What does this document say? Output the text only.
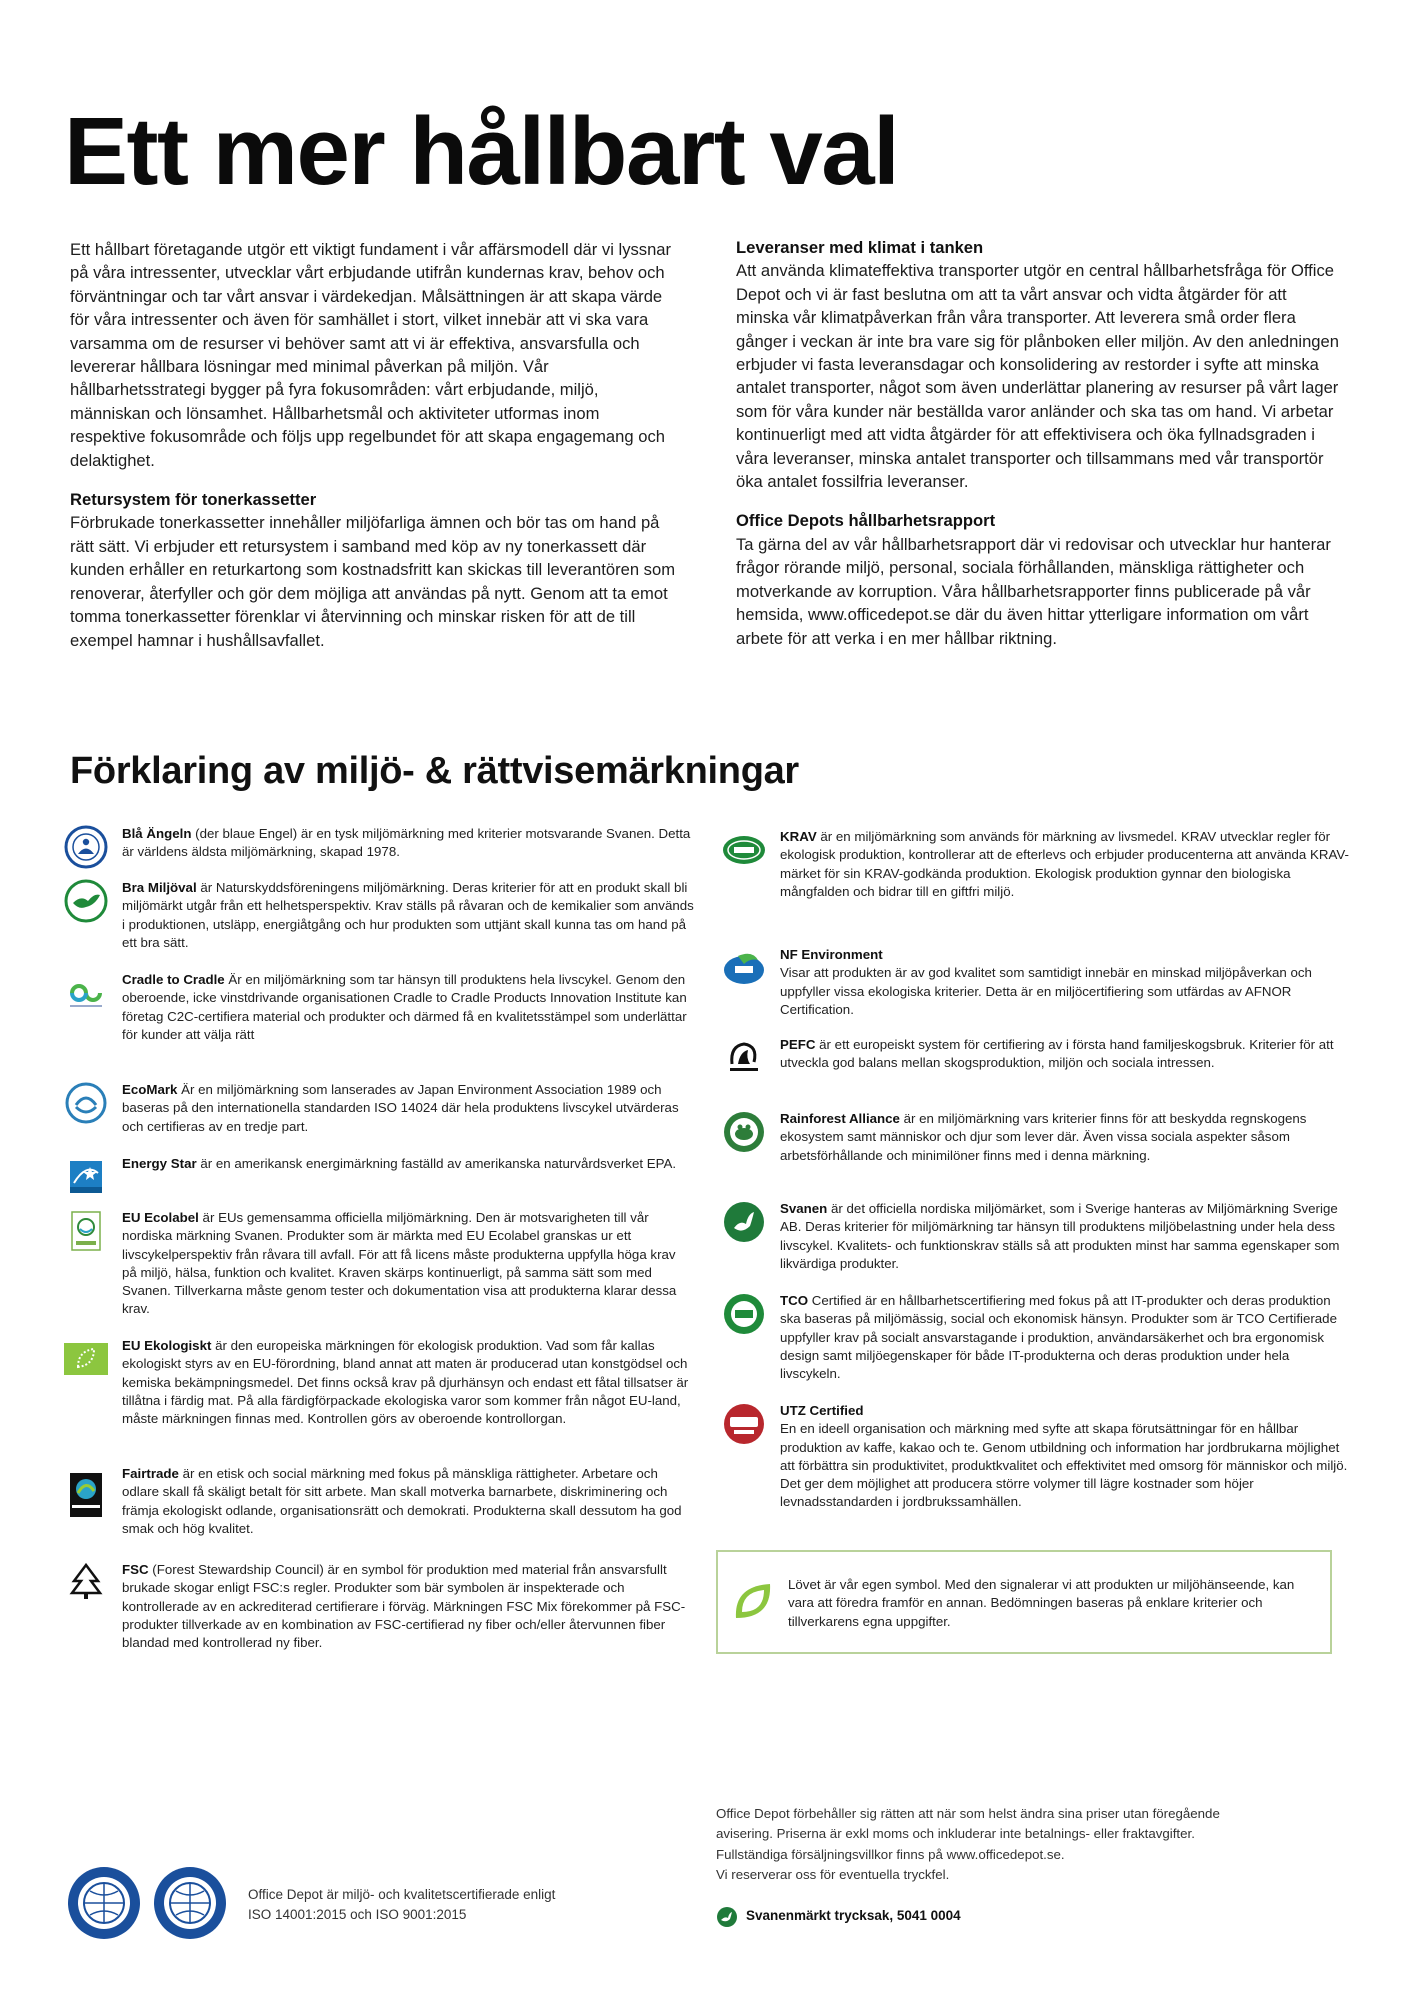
Ett mer hållbart val

Ett hållbart företagande utgör ett viktigt fundament i vår affärsmodell där vi lyssnar på våra intressenter, utvecklar vårt erbjudande utifrån kundernas krav, behov och förväntningar och tar vårt ansvar i värdekedjan. Målsättningen är att skapa värde för våra intressenter och även för samhället i stort, vilket innebär att vi ska vara varsamma om de resurser vi behöver samt att vi är effektiva, ansvarsfulla och levererar hållbara lösningar med minimal påverkan på miljön. Vår hållbarhetsstrategi bygger på fyra fokusområden: vårt erbjudande, miljö, människan och lönsamhet. Hållbarhetsmål och aktiviteter utformas inom respektive fokusområde och följs upp regelbundet för att skapa engagemang och delaktighet.

Retursystem för tonerkassetter

Förbrukade tonerkassetter innehåller miljöfarliga ämnen och bör tas om hand på rätt sätt. Vi erbjuder ett retursystem i samband med köp av ny tonerkassett där kunden erhåller en returkartong som kostnadsfritt kan skickas till leverantören som renoverar, återfyller och gör dem möjliga att användas på nytt. Genom att ta emot tomma tonerkassetter förenklar vi återvinning och minskar risken för att de till exempel hamnar i hushållsavfallet.

Leveranser med klimat i tanken

Att använda klimateffektiva transporter utgör en central hållbarhetsfråga för Office Depot och vi är fast beslutna om att ta vårt ansvar och vidta åtgärder för att minska vår klimatpåverkan från våra transporter. Att leverera små order flera gånger i veckan är inte bra vare sig för plånboken eller miljön. Av den anledningen erbjuder vi fasta leveransdagar och konsolidering av restorder i syfte att minska antalet transporter, något som även underlättar planering av resurser på vårt lager som för våra kunder när beställda varor anländer och ska tas om hand. Vi arbetar kontinuerligt med att vidta åtgärder för att effektivisera och öka fyllnadsgraden i våra leveranser, minska antalet transporter och tillsammans med vår transportör öka antalet fossilfria leveranser.

Office Depots hållbarhetsrapport

Ta gärna del av vår hållbarhetsrapport där vi redovisar och utvecklar hur hanterar frågor rörande miljö, personal, sociala förhållanden, mänskliga rättigheter och motverkande av korruption. Våra hållbarhetsrapporter finns publicerade på vår hemsida, www.officedepot.se där du även hittar ytterligare information om vårt arbete för att verka i en mer hållbar riktning.

Förklaring av miljö- & rättvisemärkningar
Blå Ängeln (der blaue Engel) är en tysk miljömärkning med kriterier motsvarande Svanen. Detta är världens äldsta miljömärkning, skapad 1978.
Bra Miljöval är Naturskyddsföreningens miljömärkning. Deras kriterier för att en produkt skall bli miljömärkt utgår från ett helhetsperspektiv. Krav ställs på råvaran och de kemikalier som används i produktionen, utsläpp, energiåtgång och hur produkten som uttjänt skall kunna tas om hand på ett bra sätt.
Cradle to Cradle Är en miljömärkning som tar hänsyn till produktens hela livscykel. Genom den oberoende, icke vinstdrivande organisationen Cradle to Cradle Products Innovation Institute kan företag C2C-certifiera material och produkter och därmed få en kvalitetsstämpel som underlättar för kunder att välja rätt
EcoMark Är en miljömärkning som lanserades av Japan Environment Association 1989 och baseras på den internationella standarden ISO 14024 där hela produktens livscykel utvärderas och certifieras av en tredje part.
Energy Star är en amerikansk energimärkning faställd av amerikanska naturvårdsverket EPA.
EU Ecolabel är EUs gemensamma officiella miljömärkning. Den är motsvarigheten till vår nordiska märkning Svanen. Produkter som är märkta med EU Ecolabel granskas ur ett livscykelperspektiv från råvara till avfall. För att få licens måste produkterna uppfylla höga krav på miljö, hälsa, funktion och kvalitet. Kraven skärps kontinuerligt, på samma sätt som med Svanen. Tillverkarna måste genom tester och dokumentation visa att produkterna klarar dessa krav.
EU Ekologiskt är den europeiska märkningen för ekologisk produktion. Vad som får kallas ekologiskt styrs av en EU-förordning, bland annat att maten är producerad utan konstgödsel och kemiska bekämpningsmedel. Det finns också krav på djurhänsyn och endast ett fåtal tillsatser är tillåtna i färdig mat. På alla färdigförpackade ekologiska varor som kommer från något EU-land, måste märkningen finnas med. Kontrollen görs av oberoende kontrollorgan.
Fairtrade är en etisk och social märkning med fokus på mänskliga rättigheter. Arbetare och odlare skall få skäligt betalt för sitt arbete. Man skall motverka barnarbete, diskriminering och främja ekologiskt odlande, organisationsrätt och demokrati. Produkterna skall dessutom ha god smak och hög kvalitet.
FSC (Forest Stewardship Council) är en symbol för produktion med material från ansvarsfullt brukade skogar enligt FSC:s regler. Produkter som bär symbolen är inspekterade och kontrollerade av en ackrediterad certifierare i förväg. Märkningen FSC Mix förekommer på FSC-produkter tillverkade av en kombination av FSC-certifierad ny fiber och/eller återvunnen fiber blandad med kontrollerad ny fiber.
KRAV är en miljömärkning som används för märkning av livsmedel. KRAV utvecklar regler för ekologisk produktion, kontrollerar att de efterlevs och erbjuder producenterna att använda KRAV-märket för sin KRAV-godkända produktion. Ekologisk produktion gynnar den biologiska mångfalden och bidrar till en giftfri miljö.
NF Environment
Visar att produkten är av god kvalitet som samtidigt innebär en minskad miljöpåverkan och uppfyller vissa ekologiska kriterier. Detta är en miljöcertifiering som utfärdas av AFNOR Certification.
PEFC är ett europeiskt system för certifiering av i första hand familjeskogsbruk. Kriterier för att utveckla god balans mellan skogsproduktion, miljön och sociala intressen.
Rainforest Alliance är en miljömärkning vars kriterier finns för att beskydda regnskogens ekosystem samt människor och djur som lever där. Även vissa sociala aspekter såsom arbetsförhållande och minimilöner finns med i denna märkning.
Svanen är det officiella nordiska miljömärket, som i Sverige hanteras av Miljömärkning Sverige AB. Deras kriterier för miljömärkning tar hänsyn till produktens miljöbelastning under hela dess livscykel. Kvalitets- och funktionskrav ställs så att produkten minst har samma egenskaper som likvärdiga produkter.
TCO Certified är en hållbarhetscertifiering med fokus på att IT-produkter och deras produktion ska baseras på miljömässig, social och ekonomisk hänsyn. Produkter som är TCO Certifierade uppfyller krav på socialt ansvarstagande i produktion, användarsäkerhet och bra ergonomisk design samt miljöegenskaper för både IT-produkterna och deras produktion under hela livscykeln.
UTZ Certified
En en ideell organisation och märkning med syfte att skapa förutsättningar för en hållbar produktion av kaffe, kakao och te. Genom utbildning och information har jordbrukarna möjlighet att förbättra sin produktivitet, produktkvalitet och effektivitet med omsorg för människor och miljö. Det ger dem möjlighet att producera större volymer till lägre kostnader som höjer levnadsstandarden i jordbrukssamhällen.
Lövet är vår egen symbol. Med den signalerar vi att produkten ur miljöhänseende, kan vara att föredra framför en annan. Bedömningen baseras på enklare kriterier och tillverkarens egna uppgifter.
Office Depot är miljö- och kvalitetscertifierade enligt
ISO 14001:2015 och ISO 9001:2015
Office Depot förbehåller sig rätten att när som helst ändra sina priser utan föregående
avisering. Priserna är exkl moms och inkluderar inte betalnings- eller fraktavgifter.
Fullständiga försäljningsvillkor finns på www.officedepot.se.
Vi reserverar oss för eventuella tryckfel.
Svanenmärkt trycksak, 5041 0004
